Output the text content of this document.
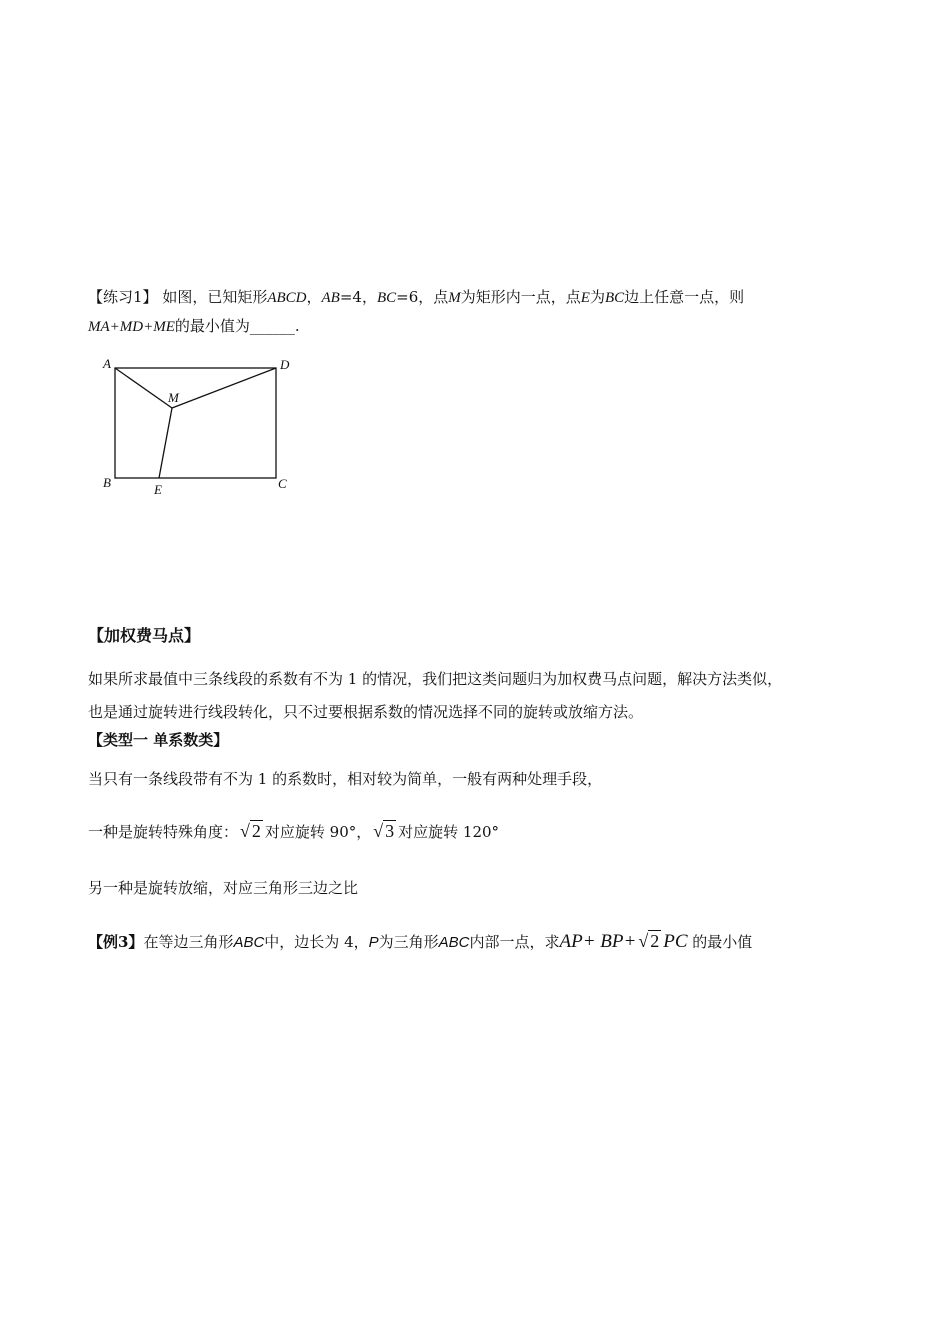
【练习1】 如图，已知矩形ABCD，AB=4，BC=6，点M为矩形内一点，点E为BC边上任意一点，则
MA+MD+ME的最小值为______.
A	D
M
B	E	C
【加权费马点】
如果所求最值中三条线段的系数有不为 1 的情况，我们把这类问题归为加权费马点问题，解决方法类似，
也是通过旋转进行线段转化，只不过要根据系数的情况选择不同的旋转或放缩方法。
【类型一 单系数类】
当只有一条线段带有不为 1 的系数时，相对较为简单，一般有两种处理手段，
一种是旋转特殊角度： √ 2 对应旋转 90°， √ 3 对应旋转 120°
另一种是旋转放缩，对应三角形三边之比
【例3】在等边三角形ABC中，边长为 4，P为三角形ABC内部一点，求AP+ BP+ √ 2 PC 的最小值
